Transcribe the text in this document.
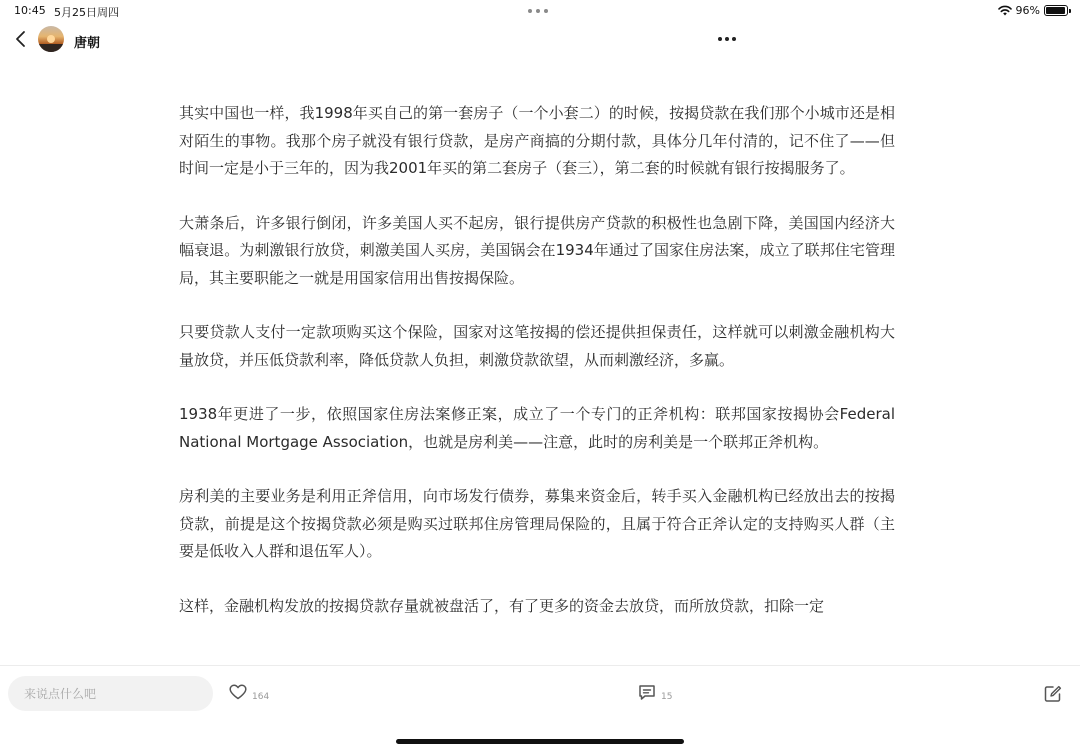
10:45 5月25日周四	96%
唐朝

其实中国也一样，我1998年买自己的第一套房子（一个小套二）的时候，按揭贷款在我们那个小城市还是相对陌生的事物。我那个房子就没有银行贷款，是房产商搞的分期付款，具体分几年付清的，记不住了——但时间一定是小于三年的，因为我2001年买的第二套房子（套三），第二套的时候就有银行按揭服务了。

大萧条后，许多银行倒闭，许多美国人买不起房，银行提供房产贷款的积极性也急剧下降，美国国内经济大幅衰退。为刺激银行放贷，刺激美国人买房，美国锅会在1934年通过了国家住房法案，成立了联邦住宅管理局，其主要职能之一就是用国家信用出售按揭保险。

只要贷款人支付一定款项购买这个保险，国家对这笔按揭的偿还提供担保责任，这样就可以刺激金融机构大量放贷，并压低贷款利率，降低贷款人负担，刺激贷款欲望，从而刺激经济，多赢。

1938年更进了一步，依照国家住房法案修正案，成立了一个专门的正斧机构：联邦国家按揭协会Federal National Mortgage Association，也就是房利美——注意，此时的房利美是一个联邦正斧机构。

房利美的主要业务是利用正斧信用，向市场发行债券，募集来资金后，转手买入金融机构已经放出去的按揭贷款，前提是这个按揭贷款必须是购买过联邦住房管理局保险的，且属于符合正斧认定的支持购买人群（主要是低收入人群和退伍军人）。

这样，金融机构发放的按揭贷款存量就被盘活了，有了更多的资金去放贷，而所放贷款，扣除一定

来说点什么吧
164	15
